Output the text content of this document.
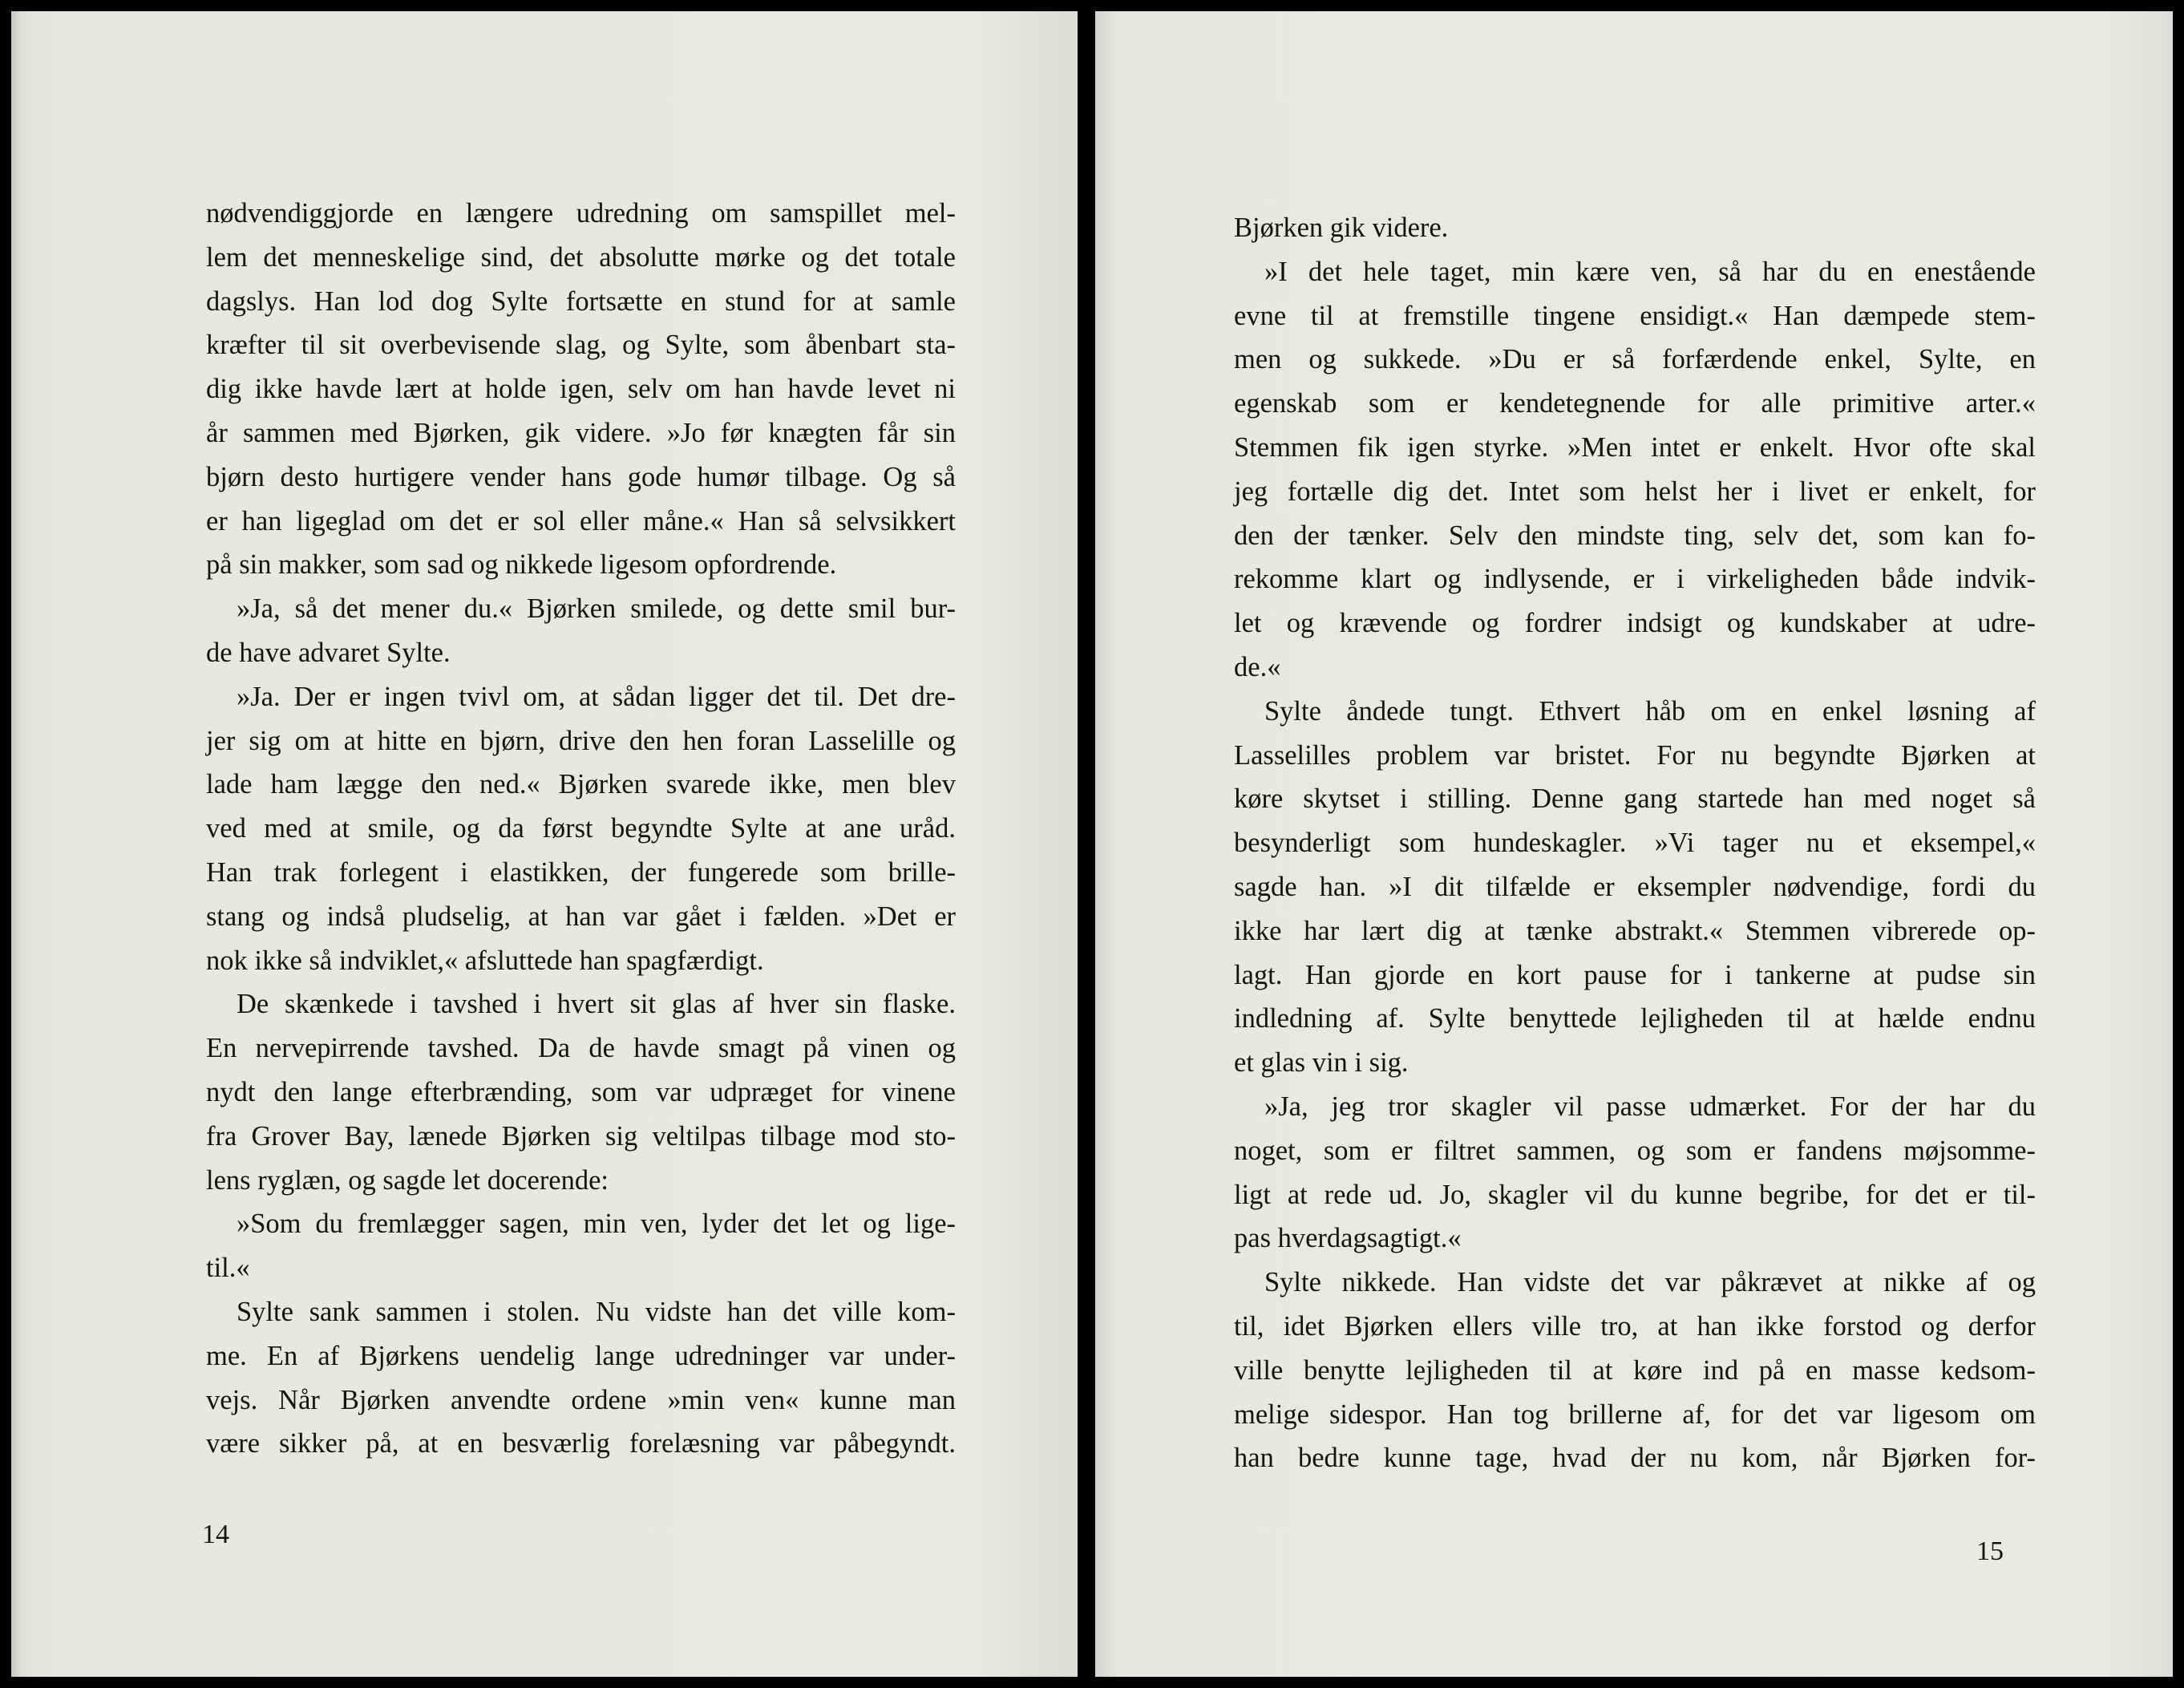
nødvendiggjorde en længere udredning om samspillet mel-
lem det menneskelige sind, det absolutte mørke og det totale
dagslys. Han lod dog Sylte fortsætte en stund for at samle
kræfter til sit overbevisende slag, og Sylte, som åbenbart sta-
dig ikke havde lært at holde igen, selv om han havde levet ni
år sammen med Bjørken, gik videre. »Jo før knægten får sin
bjørn desto hurtigere vender hans gode humør tilbage. Og så
er han ligeglad om det er sol eller måne.« Han så selvsikkert
på sin makker, som sad og nikkede ligesom opfordrende.
»Ja, så det mener du.« Bjørken smilede, og dette smil bur-
de have advaret Sylte.
»Ja. Der er ingen tvivl om, at sådan ligger det til. Det dre-
jer sig om at hitte en bjørn, drive den hen foran Lasselille og
lade ham lægge den ned.« Bjørken svarede ikke, men blev
ved med at smile, og da først begyndte Sylte at ane uråd.
Han trak forlegent i elastikken, der fungerede som brille-
stang og indså pludselig, at han var gået i fælden. »Det er
nok ikke så indviklet,« afsluttede han spagfærdigt.
De skænkede i tavshed i hvert sit glas af hver sin flaske.
En nervepirrende tavshed. Da de havde smagt på vinen og
nydt den lange efterbrænding, som var udpræget for vinene
fra Grover Bay, lænede Bjørken sig veltilpas tilbage mod sto-
lens ryglæn, og sagde let docerende:
»Som du fremlægger sagen, min ven, lyder det let og lige-
til.«
Sylte sank sammen i stolen. Nu vidste han det ville kom-
me. En af Bjørkens uendelig lange udredninger var under-
vejs. Når Bjørken anvendte ordene »min ven« kunne man
være sikker på, at en besværlig forelæsning var påbegyndt.
14
Bjørken gik videre.
»I det hele taget, min kære ven, så har du en enestående
evne til at fremstille tingene ensidigt.« Han dæmpede stem-
men og sukkede. »Du er så forfærdende enkel, Sylte, en
egenskab som er kendetegnende for alle primitive arter.«
Stemmen fik igen styrke. »Men intet er enkelt. Hvor ofte skal
jeg fortælle dig det. Intet som helst her i livet er enkelt, for
den der tænker. Selv den mindste ting, selv det, som kan fo-
rekomme klart og indlysende, er i virkeligheden både indvik-
let og krævende og fordrer indsigt og kundskaber at udre-
de.«
Sylte åndede tungt. Ethvert håb om en enkel løsning af
Lasselilles problem var bristet. For nu begyndte Bjørken at
køre skytset i stilling. Denne gang startede han med noget så
besynderligt som hundeskagler. »Vi tager nu et eksempel,«
sagde han. »I dit tilfælde er eksempler nødvendige, fordi du
ikke har lært dig at tænke abstrakt.« Stemmen vibrerede op-
lagt. Han gjorde en kort pause for i tankerne at pudse sin
indledning af. Sylte benyttede lejligheden til at hælde endnu
et glas vin i sig.
»Ja, jeg tror skagler vil passe udmærket. For der har du
noget, som er filtret sammen, og som er fandens møjsomme-
ligt at rede ud. Jo, skagler vil du kunne begribe, for det er til-
pas hverdagsagtigt.«
Sylte nikkede. Han vidste det var påkrævet at nikke af og
til, idet Bjørken ellers ville tro, at han ikke forstod og derfor
ville benytte lejligheden til at køre ind på en masse kedsom-
melige sidespor. Han tog brillerne af, for det var ligesom om
han bedre kunne tage, hvad der nu kom, når Bjørken for-
15
